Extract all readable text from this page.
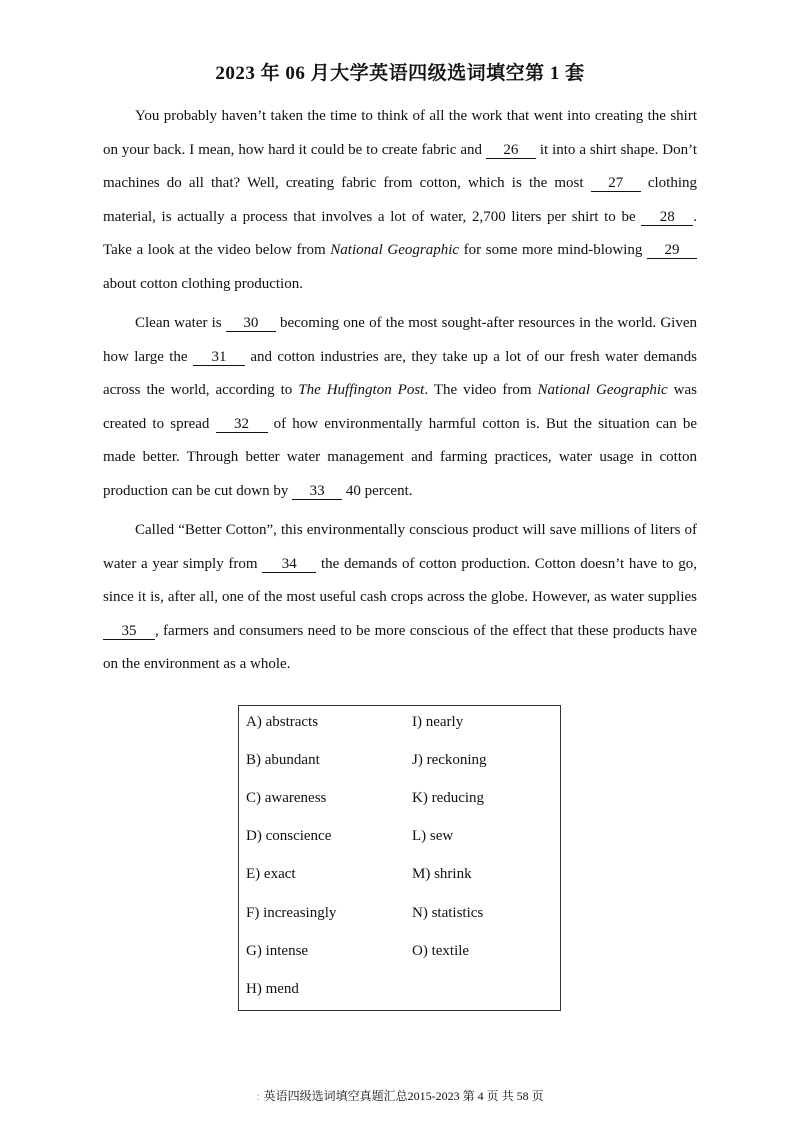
2023 年 06 月大学英语四级选词填空第 1 套

You probably haven’t taken the time to think of all the work that went into creating the shirt on your back. I mean, how hard it could be to create fabric and 26 it into a shirt shape. Don’t machines do all that? Well, creating fabric from cotton, which is the most 27 clothing material, is actually a process that involves a lot of water, 2,700 liters per shirt to be 28 . Take a look at the video below from National Geographic for some more mind-blowing 29 about cotton clothing production.

Clean water is 30 becoming one of the most sought-after resources in the world. Given how large the 31 and cotton industries are, they take up a lot of our fresh water demands across the world, according to The Huffington Post. The video from National Geographic was created to spread 32 of how environmentally harmful cotton is. But the situation can be made better. Through better water management and farming practices, water usage in cotton production can be cut down by 33 40 percent.

Called “Better Cotton”, this environmentally conscious product will save millions of liters of water a year simply from 34 the demands of cotton production. Cotton doesn’t have to go, since it is, after all, one of the most useful cash crops across the globe. However, as water supplies 35 , farmers and consumers need to be more conscious of the effect that these products have on the environment as a whole.

A) abstracts
B) abundant
C) awareness
D) conscience
E) exact
F) increasingly
G) intense
H) mend
I) nearly
J) reckoning
K) reducing
L) sew
M) shrink
N) statistics
O) textile
: 英语四级选词填空真题汇总2015-2023 第 4 页 共 58 页
